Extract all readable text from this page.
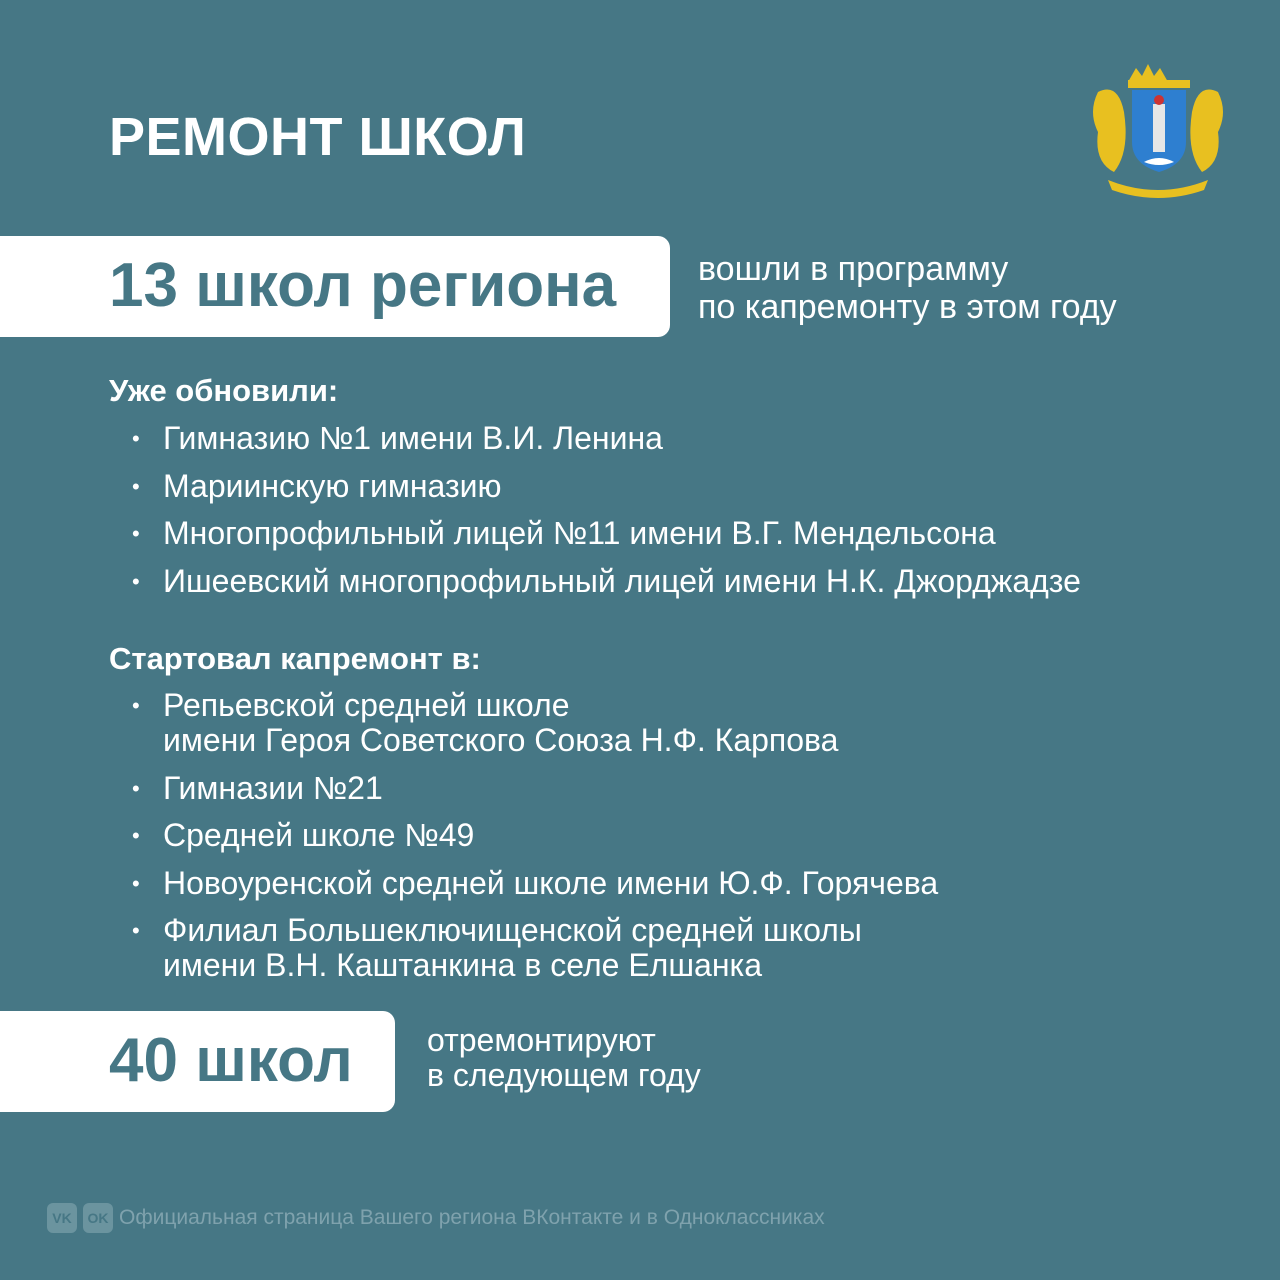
РЕМОНТ ШКОЛ
13 школ региона вошли в программу
по капремонту в этом году
Уже обновили:
• Гимназию №1 имени В.И. Ленина
• Мариинскую гимназию
• Многопрофильный лицей №11 имени В.Г. Мендельсона
• Ишеевский многопрофильный лицей имени Н.К. Джорджадзе
Стартовал капремонт в:
• Репьевской средней школе
имени Героя Советского Союза Н.Ф. Карпова
• Гимназии №21
• Средней школе №49
• Новоуренской средней школе имени Ю.Ф. Горячева
• Филиал Большеключищенской средней школы
имени В.Н. Каштанкина в селе Елшанка
40 школ отремонтируют
в следующем году
VK	OK Официальная страница Вашего региона ВКонтакте и в Одноклассниках
